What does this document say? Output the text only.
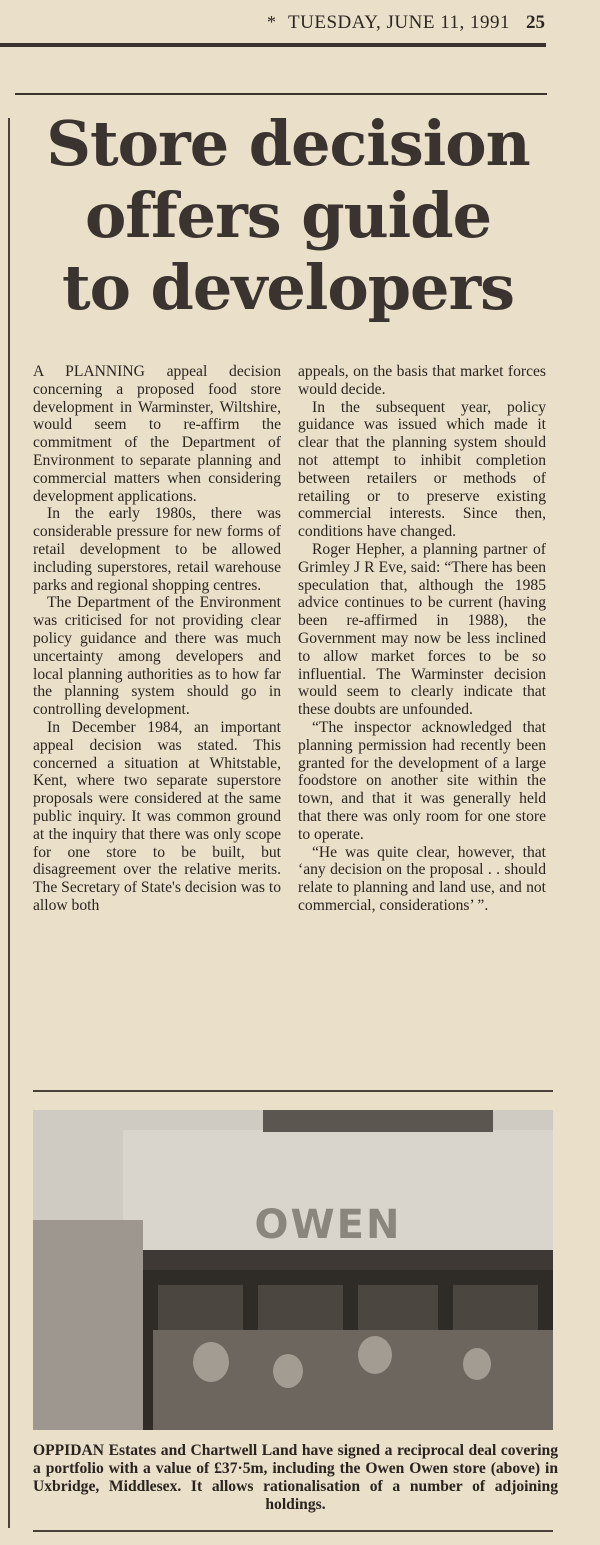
* TUESDAY, JUNE 11, 1991 25
Store decision
offers guide
to developers

A PLANNING appeal decision concerning a proposed food store development in Warminster, Wiltshire, would seem to re-affirm the commitment of the Department of Environment to separate planning and commercial matters when considering development applications.

In the early 1980s, there was considerable pressure for new forms of retail development to be allowed including superstores, retail warehouse parks and regional shopping centres.

The Department of the Environment was criticised for not providing clear policy guidance and there was much uncertainty among developers and local planning authorities as to how far the planning system should go in controlling development.

In December 1984, an important appeal decision was stated. This concerned a situation at Whitstable, Kent, where two separate superstore proposals were considered at the same public inquiry. It was common ground at the inquiry that there was only scope for one store to be built, but disagreement over the relative merits. The Secretary of State's decision was to allow both

appeals, on the basis that market forces would decide.

In the subsequent year, policy guidance was issued which made it clear that the planning system should not attempt to inhibit completion between retailers or methods of retailing or to preserve existing commercial interests. Since then, conditions have changed.

Roger Hepher, a planning partner of Grimley J R Eve, said: “There has been speculation that, although the 1985 advice continues to be current (having been re-affirmed in 1988), the Government may now be less inclined to allow market forces to be so influential. The Warminster decision would seem to clearly indicate that these doubts are unfounded.

“The inspector acknowledged that planning permission had recently been granted for the development of a large foodstore on another site within the town, and that it was generally held that there was only room for one store to operate.

“He was quite clear, however, that ‘any decision on the proposal . . should relate to planning and land use, and not commercial, considerations’ ”.

OWEN
OPPIDAN Estates and Chartwell Land have signed a reciprocal deal covering a portfolio with a value of £37·5m, including the Owen Owen store (above) in Uxbridge, Middlesex. It allows rationalisation of a number of adjoining holdings.
